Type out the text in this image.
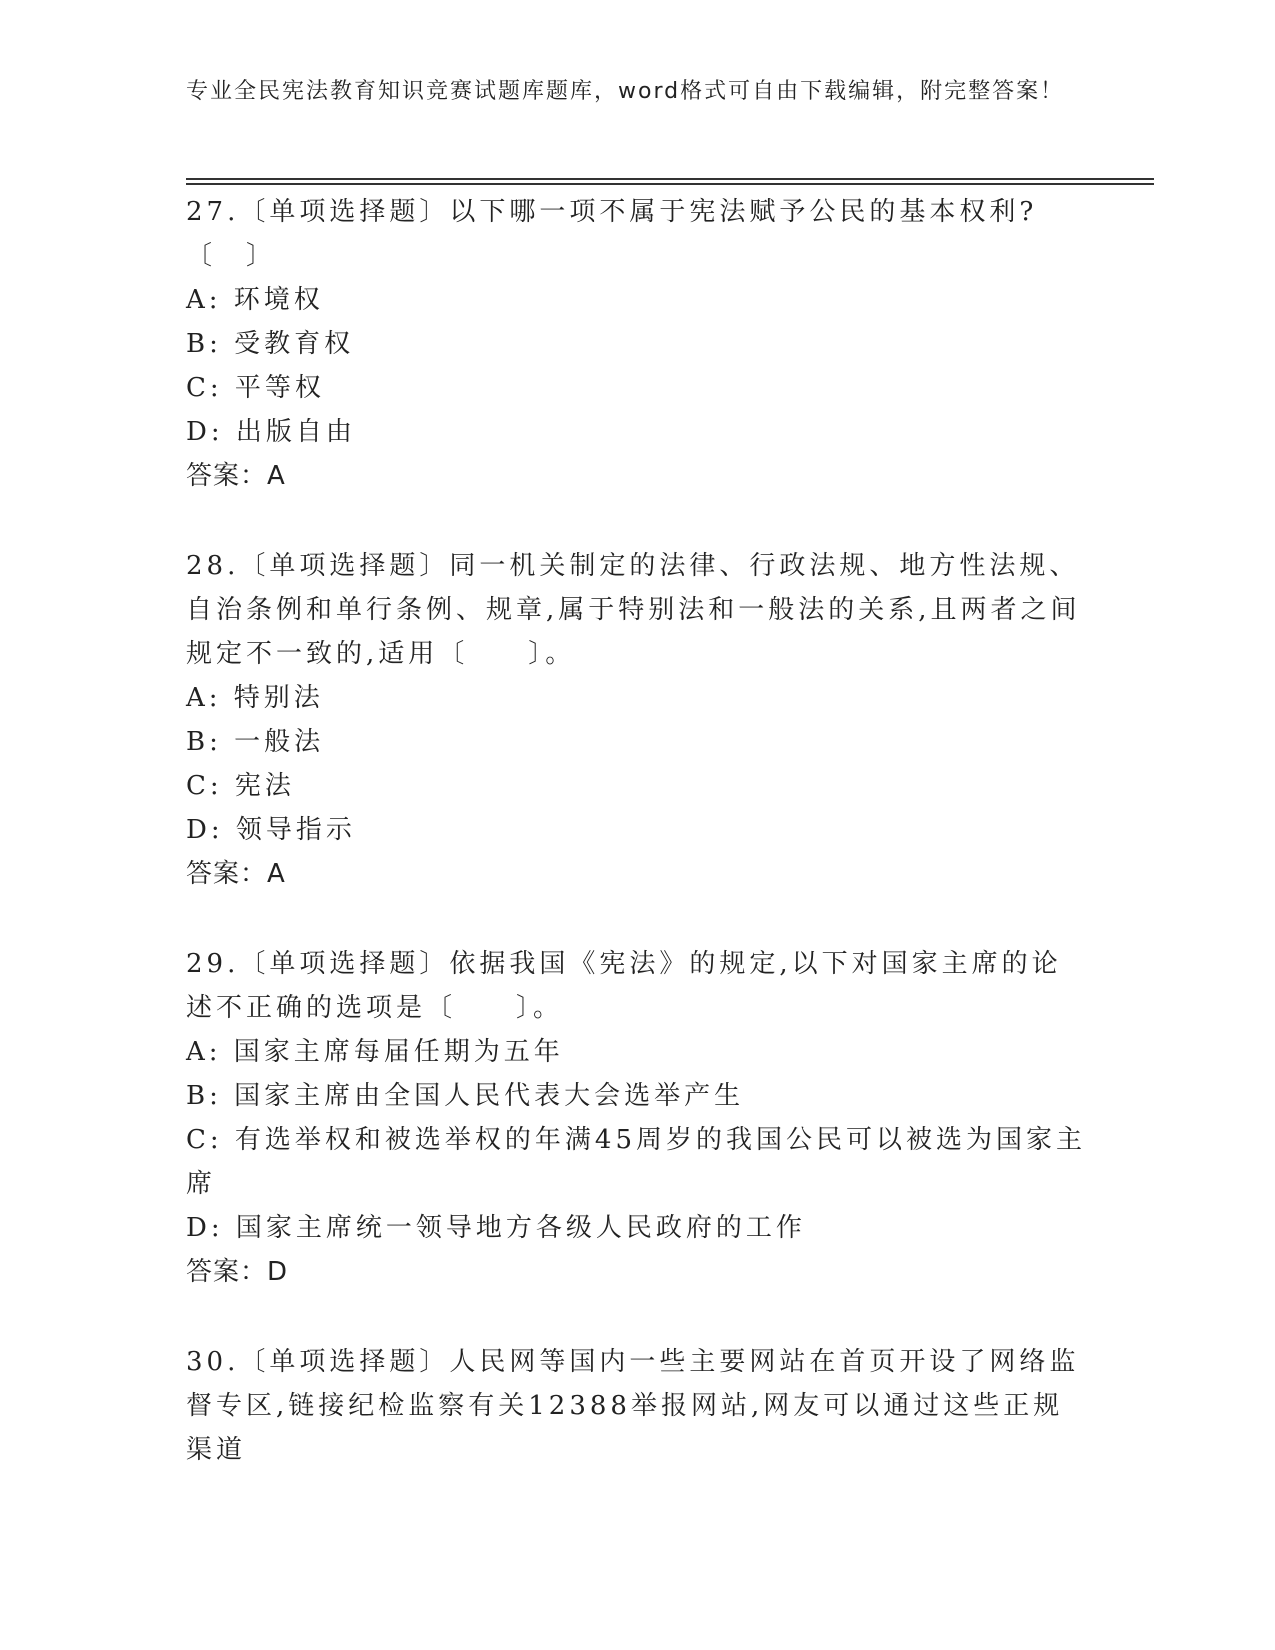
专业全民宪法教育知识竞赛试题库题库，word格式可自由下载编辑，附完整答案！

27.〔单项选择题〕以下哪一项不属于宪法赋予公民的基本权利?〔　〕

A: 环境权

B: 受教育权

C: 平等权

D: 出版自由

答案：A

28.〔单项选择题〕同一机关制定的法律、行政法规、地方性法规、自治条例和单行条例、规章,属于特别法和一般法的关系,且两者之间规定不一致的,适用〔　　〕。

A: 特别法

B: 一般法

C: 宪法

D: 领导指示

答案：A

29.〔单项选择题〕依据我国《宪法》的规定,以下对国家主席的论述不正确的选项是〔　　〕。

A: 国家主席每届任期为五年

B: 国家主席由全国人民代表大会选举产生

C: 有选举权和被选举权的年满45周岁的我国公民可以被选为国家主席

D: 国家主席统一领导地方各级人民政府的工作

答案：D

30.〔单项选择题〕人民网等国内一些主要网站在首页开设了网络监督专区,链接纪检监察有关12388举报网站,网友可以通过这些正规渠道
